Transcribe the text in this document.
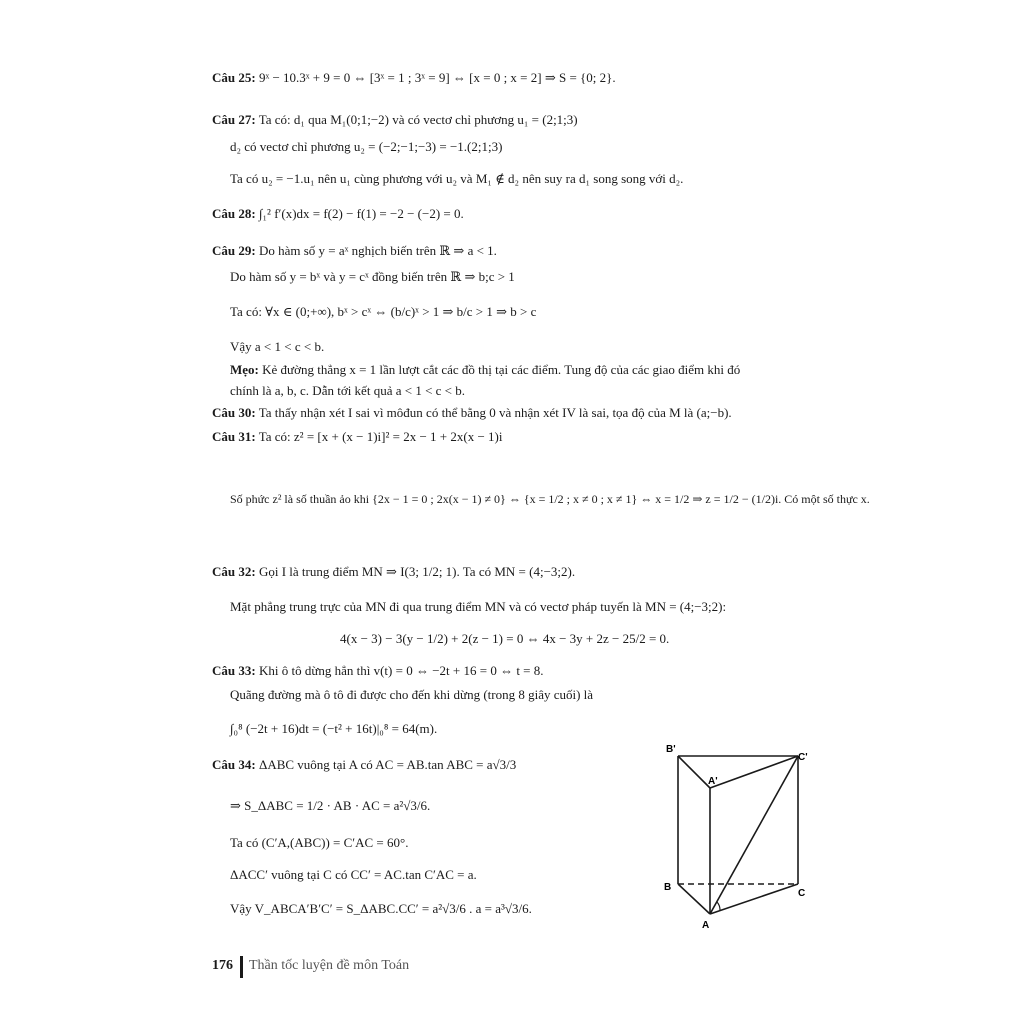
Câu 25: 9ˣ − 10.3ˣ + 9 = 0 ⇔ [3ˣ = 1 ; 3ˣ = 9] ⇔ [x = 0 ; x = 2] ⇒ S = {0; 2}.
Câu 27: Ta có: d₁ qua M₁(0;1;−2) và có vectơ chỉ phương u₁ = (2;1;3)
d₂ có vectơ chỉ phương u₂ = (−2;−1;−3) = −1.(2;1;3)
Ta có u₂ = −1.u₁ nên u₁ cùng phương với u₂ và M₁ ∉ d₂ nên suy ra d₁ song song với d₂.
Câu 28: ∫₁² f′(x)dx = f(2) − f(1) = −2 − (−2) = 0.
Câu 29: Do hàm số y = aˣ nghịch biến trên ℝ ⇒ a < 1.
Do hàm số y = bˣ và y = cˣ đồng biến trên ℝ ⇒ b;c > 1
Ta có: ∀x ∈ (0;+∞), bˣ > cˣ ⇔ (b/c)ˣ > 1 ⇒ b/c > 1 ⇒ b > c
Vậy a < 1 < c < b.
Mẹo: Kẻ đường thẳng x = 1 lần lượt cắt các đồ thị tại các điểm. Tung độ của các giao điểm khi đó
chính là a, b, c. Dẫn tới kết quả a < 1 < c < b.
Câu 30: Ta thấy nhận xét I sai vì môđun có thể bằng 0 và nhận xét IV là sai, tọa độ của M là (a;−b).
Câu 31: Ta có: z² = [x + (x − 1)i]² = 2x − 1 + 2x(x − 1)i
Số phức z² là số thuần ảo khi {2x − 1 = 0 ; 2x(x − 1) ≠ 0} ⇔ {x = 1/2 ; x ≠ 0 ; x ≠ 1} ⇔ x = 1/2 ⇒ z = 1/2 − (1/2)i. Có một số thực x.
Câu 32: Gọi I là trung điểm MN ⇒ I(3; 1/2; 1). Ta có MN = (4;−3;2).
Mặt phẳng trung trực của MN đi qua trung điểm MN và có vectơ pháp tuyến là MN = (4;−3;2):
4(x − 3) − 3(y − 1/2) + 2(z − 1) = 0 ⇔ 4x − 3y + 2z − 25/2 = 0.
Câu 33: Khi ô tô dừng hẳn thì v(t) = 0 ⇔ −2t + 16 = 0 ⇔ t = 8.
Quãng đường mà ô tô đi được cho đến khi dừng (trong 8 giây cuối) là
∫₀⁸ (−2t + 16)dt = (−t² + 16t)|₀⁸ = 64(m).
Câu 34: ΔABC vuông tại A có AC = AB.tan ABC = a√3/3
⇒ S_ΔABC = 1/2 · AB · AC = a²√3/6.
Ta có (C′A,(ABC)) = C′AC = 60°.
ΔACC′ vuông tại C có CC′ = AC.tan C′AC = a.
Vậy V_ABCA′B′C′ = S_ΔABC.CC′ = a²√3/6 . a = a³√3/6.
B'
C'
A'
B
C
A
176 Thần tốc luyện đề môn Toán
